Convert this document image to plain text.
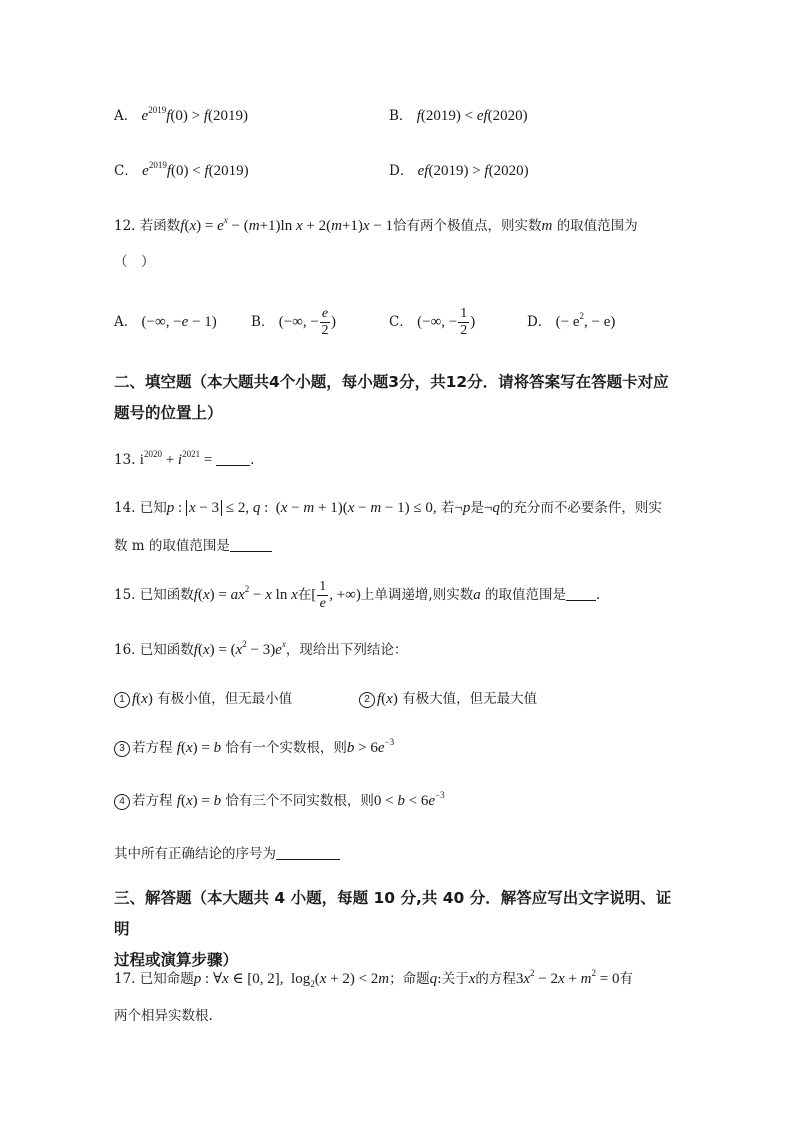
A． $e^{2019}f(0) > f(2019)$	B． f(2019) < ef(2020)
C． $e^{2019}f(0) < f(2019)$	D． ef(2019) > f(2020)
12. 若函数$f(x) = e^x - (m+1)\ln$ x + 2(m+1)x − 1恰有两个极值点，则实数m 的取值范围为
（　）
A． (−∞, −e − 1)	B． (−∞, − $\frac{e}{2}$ )	C． (−∞, − $\frac{1}{2}$ )	D． (− $e^2$, − e)
二、填空题（本大题共4个小题，每小题3分，共12分．请将答案写在答题卡对应
题号的位置上）
13. $i^{2020} + i^{2021}$ =	.
14. 已知p : x − 3 ≤ 2, q :  (x − m + 1)(x − m − 1) ≤ 0, 若¬p是¬q的充分而不必要条件，则实
数 m 的取值范围是
15. 已知函数$f(x) = ax^2 - x$ ln x在[ $\frac{1}{e}$ , +∞)上单调递增,则实数a 的取值范围是 .
16. 已知函数$f(x) = (x^2 - 3)e^x$，现给出下列结论：
1 f(x) 有极小值，但无最小值	2 f(x) 有极大值，但无最大值
3 若方程 f(x) = b 恰有一个实数根，则$b > 6e^{-3}$
4 若方程 f(x) = b 恰有三个不同实数根，则$0 < b < 6e^{-3}$
其中所有正确结论的序号为
三、解答题（本大题共 4 小题，每题 10 分,共 40 分．解答应写出文字说明、证明
过程或演算步骤）
17. 已知命题p : ∀x ∈ [0, 2],  $\log_2(x + 2) < 2m$；命题q:关于x的方程$3x^2 - 2x + m^2 = 0$有
两个相异实数根.
